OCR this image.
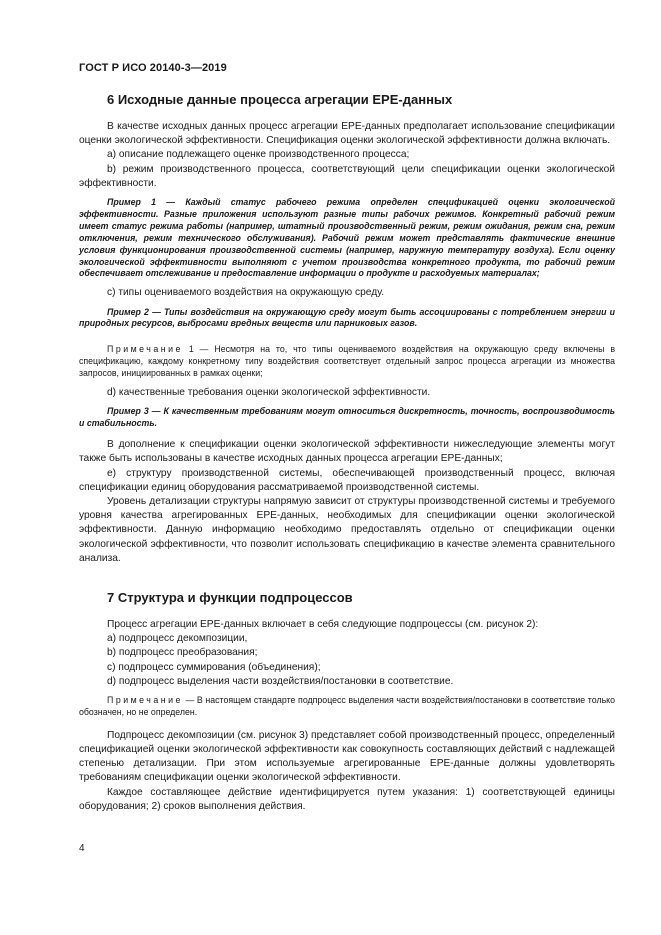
ГОСТ Р ИСО 20140-3—2019
6 Исходные данные процесса агрегации ЕРЕ-данных

В качестве исходных данных процесс агрегации ЕРЕ-данных предполагает использование спецификации оценки экологической эффективности. Спецификация оценки экологической эффективности должна включать.

а) описание подлежащего оценке производственного процесса;

b) режим производственного процесса, соответствующий цели спецификации оценки экологической эффективности.

Пример 1 — Каждый статус рабочего режима определен спецификацией оценки экологической эффективности. Разные приложения используют разные типы рабочих режимов. Конкретный рабочий режим имеет статус режима работы (например, штатный производственный режим, режим ожидания, режим сна, режим отключения, режим технического обслуживания). Рабочий режим может представлять фактические внешние условия функционирования производственной системы (например, наружную температуру воздуха). Если оценку экологической эффективности выполняют с учетом производства конкретного продукта, то рабочий режим обеспечивает отслеживание и предоставление информации о продукте и расходуемых материалах;

с) типы оцениваемого воздействия на окружающую среду.

Пример 2 — Типы воздействия на окружающую среду могут быть ассоциированы с потреблением энергии и природных ресурсов, выбросами вредных веществ или парниковых газов.

Примечание 1 — Несмотря на то, что типы оцениваемого воздействия на окружающую среду включены в спецификацию, каждому конкретному типу воздействия соответствует отдельный запрос процесса агрегации из множества запросов, инициированных в рамках оценки;

d) качественные требования оценки экологической эффективности.

Пример 3 — К качественным требованиям могут относиться дискретность, точность, воспроизводимость и стабильность.

В дополнение к спецификации оценки экологической эффективности нижеследующие элементы могут также быть использованы в качестве исходных данных процесса агрегации ЕРЕ-данных;

е) структуру производственной системы, обеспечивающей производственный процесс, включая спецификации единиц оборудования рассматриваемой производственной системы.

Уровень детализации структуры напрямую зависит от структуры производственной системы и требуемого уровня качества агрегированных ЕРЕ-данных, необходимых для спецификации оценки экологической эффективности. Данную информацию необходимо предоставлять отдельно от спецификации оценки экологической эффективности, что позволит использовать спецификацию в качестве элемента сравнительного анализа.

7 Структура и функции подпроцессов

Процесс агрегации ЕРЕ-данных включает в себя следующие подпроцессы (см. рисунок 2):

а) подпроцесс декомпозиции,

b) подпроцесс преобразования;

с) подпроцесс суммирования (объединения);

d) подпроцесс выделения части воздействия/постановки в соответствие.

Примечание — В настоящем стандарте подпроцесс выделения части воздействия/постановки в соответствие только обозначен, но не определен.

Подпроцесс декомпозиции (см. рисунок 3) представляет собой производственный процесс, определенный спецификацией оценки экологической эффективности как совокупность составляющих действий с надлежащей степенью детализации. При этом используемые агрегированные ЕРЕ-данные должны удовлетворять требованиям спецификации оценки экологической эффективности.

Каждое составляющее действие идентифицируется путем указания: 1) соответствующей единицы оборудования; 2) сроков выполнения действия.

4
